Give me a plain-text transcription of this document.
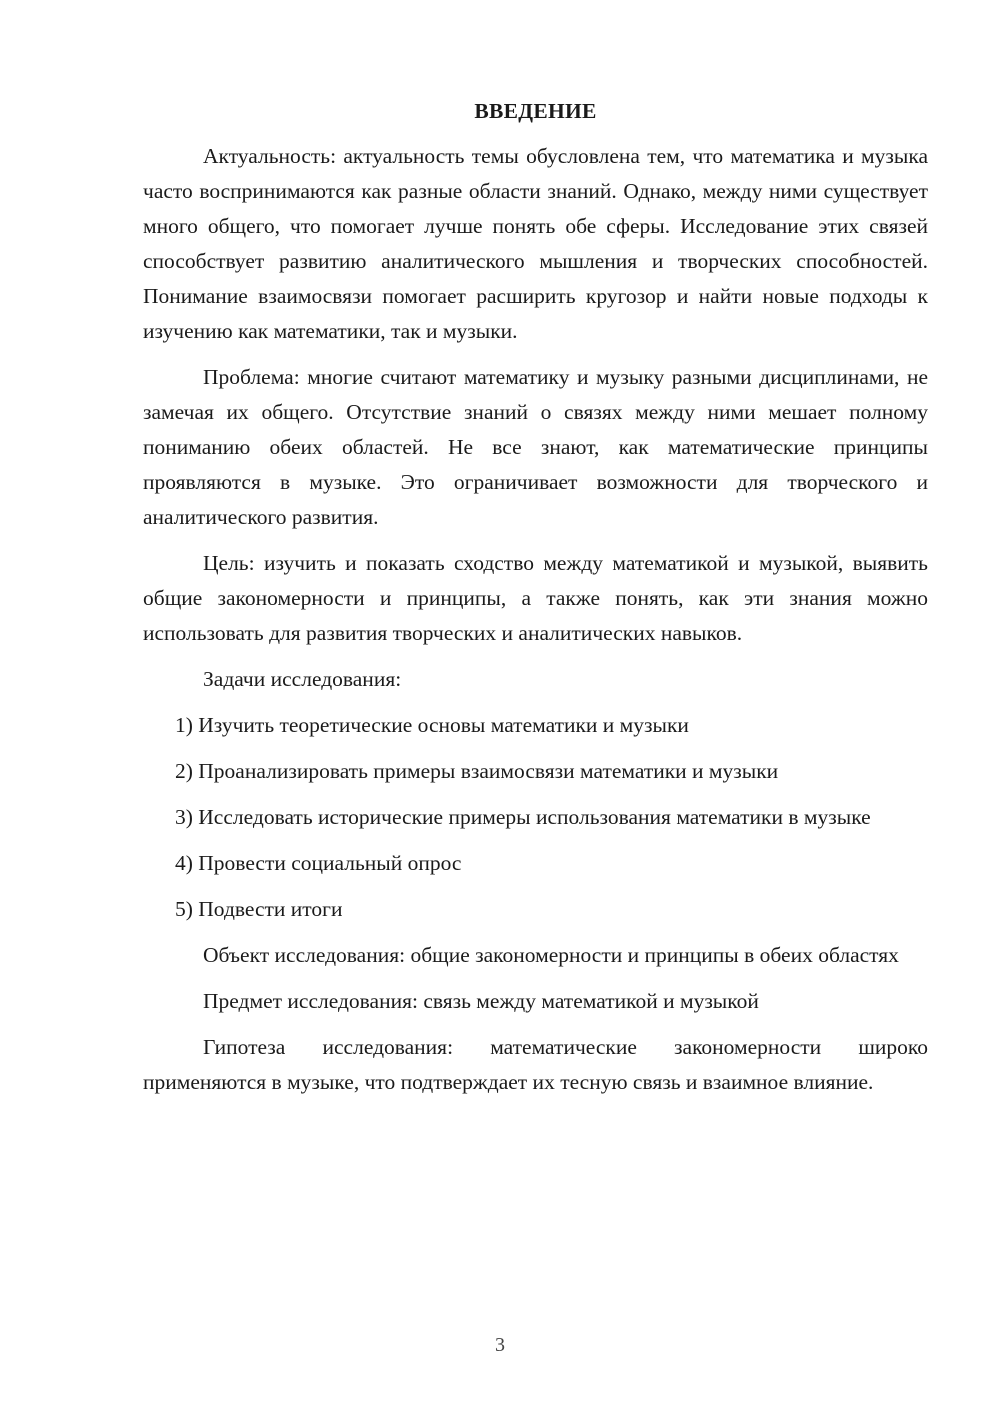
ВВЕДЕНИЕ

Актуальность: актуальность темы обусловлена тем, что математика и музыка часто воспринимаются как разные области знаний. Однако, между ними существует много общего, что помогает лучше понять обе сферы. Исследование этих связей способствует развитию аналитического мышления и творческих способностей. Понимание взаимосвязи помогает расширить кругозор и найти новые подходы к изучению как математики, так и музыки.

Проблема: многие считают математику и музыку разными дисциплинами, не замечая их общего. Отсутствие знаний о связях между ними мешает полному пониманию обеих областей. Не все знают, как математические принципы проявляются в музыке. Это ограничивает возможности для творческого и аналитического развития.

Цель: изучить и показать сходство между математикой и музыкой, выявить общие закономерности и принципы, а также понять, как эти знания можно использовать для развития творческих и аналитических навыков.

Задачи исследования:

1) Изучить теоретические основы математики и музыки

2) Проанализировать примеры взаимосвязи математики и музыки

3) Исследовать исторические примеры использования математики в музыке

4) Провести социальный опрос

5) Подвести итоги

Объект исследования: общие закономерности и принципы в обеих областях

Предмет исследования: связь между математикой и музыкой

Гипотеза исследования: математические закономерности широко применяются в музыке, что подтверждает их тесную связь и взаимное влияние.

3
